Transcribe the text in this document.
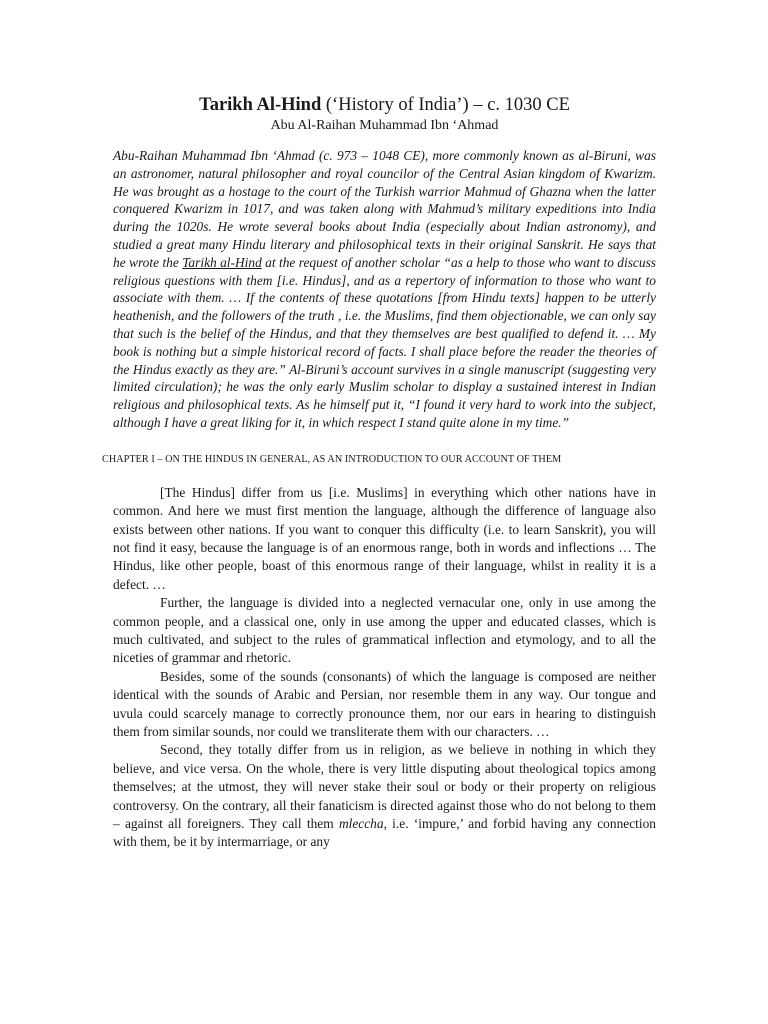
Tarikh Al-Hind (‘History of India’) – c. 1030 CE

Abu Al-Raihan Muhammad Ibn ‘Ahmad

Abu-Raihan Muhammad Ibn ‘Ahmad (c. 973 – 1048 CE), more commonly known as al-Biruni, was an astronomer, natural philosopher and royal councilor of the Central Asian kingdom of Kwarizm. He was brought as a hostage to the court of the Turkish warrior Mahmud of Ghazna when the latter conquered Kwarizm in 1017, and was taken along with Mahmud’s military expeditions into India during the 1020s. He wrote several books about India (especially about Indian astronomy), and studied a great many Hindu literary and philosophical texts in their original Sanskrit. He says that he wrote the Tarikh al-Hind at the request of another scholar “as a help to those who want to discuss religious questions with them [i.e. Hindus], and as a repertory of information to those who want to associate with them. … If the contents of these quotations [from Hindu texts] happen to be utterly heathenish, and the followers of the truth , i.e. the Muslims, find them objectionable, we can only say that such is the belief of the Hindus, and that they themselves are best qualified to defend it. … My book is nothing but a simple historical record of facts. I shall place before the reader the theories of the Hindus exactly as they are.” Al-Biruni’s account survives in a single manuscript (suggesting very limited circulation); he was the only early Muslim scholar to display a sustained interest in Indian religious and philosophical texts. As he himself put it, “I found it very hard to work into the subject, although I have a great liking for it, in which respect I stand quite alone in my time.”

CHAPTER I – ON THE HINDUS IN GENERAL, AS AN INTRODUCTION TO OUR ACCOUNT OF THEM

[The Hindus] differ from us [i.e. Muslims] in everything which other nations have in common. And here we must first mention the language, although the difference of language also exists between other nations. If you want to conquer this difficulty (i.e. to learn Sanskrit), you will not find it easy, because the language is of an enormous range, both in words and inflections … The Hindus, like other people, boast of this enormous range of their language, whilst in reality it is a defect. …

Further, the language is divided into a neglected vernacular one, only in use among the common people, and a classical one, only in use among the upper and educated classes, which is much cultivated, and subject to the rules of grammatical inflection and etymology, and to all the niceties of grammar and rhetoric.

Besides, some of the sounds (consonants) of which the language is composed are neither identical with the sounds of Arabic and Persian, nor resemble them in any way. Our tongue and uvula could scarcely manage to correctly pronounce them, nor our ears in hearing to distinguish them from similar sounds, nor could we transliterate them with our characters. …

Second, they totally differ from us in religion, as we believe in nothing in which they believe, and vice versa. On the whole, there is very little disputing about theological topics among themselves; at the utmost, they will never stake their soul or body or their property on religious controversy. On the contrary, all their fanaticism is directed against those who do not belong to them – against all foreigners. They call them mleccha, i.e. ‘impure,’ and forbid having any connection with them, be it by intermarriage, or any
